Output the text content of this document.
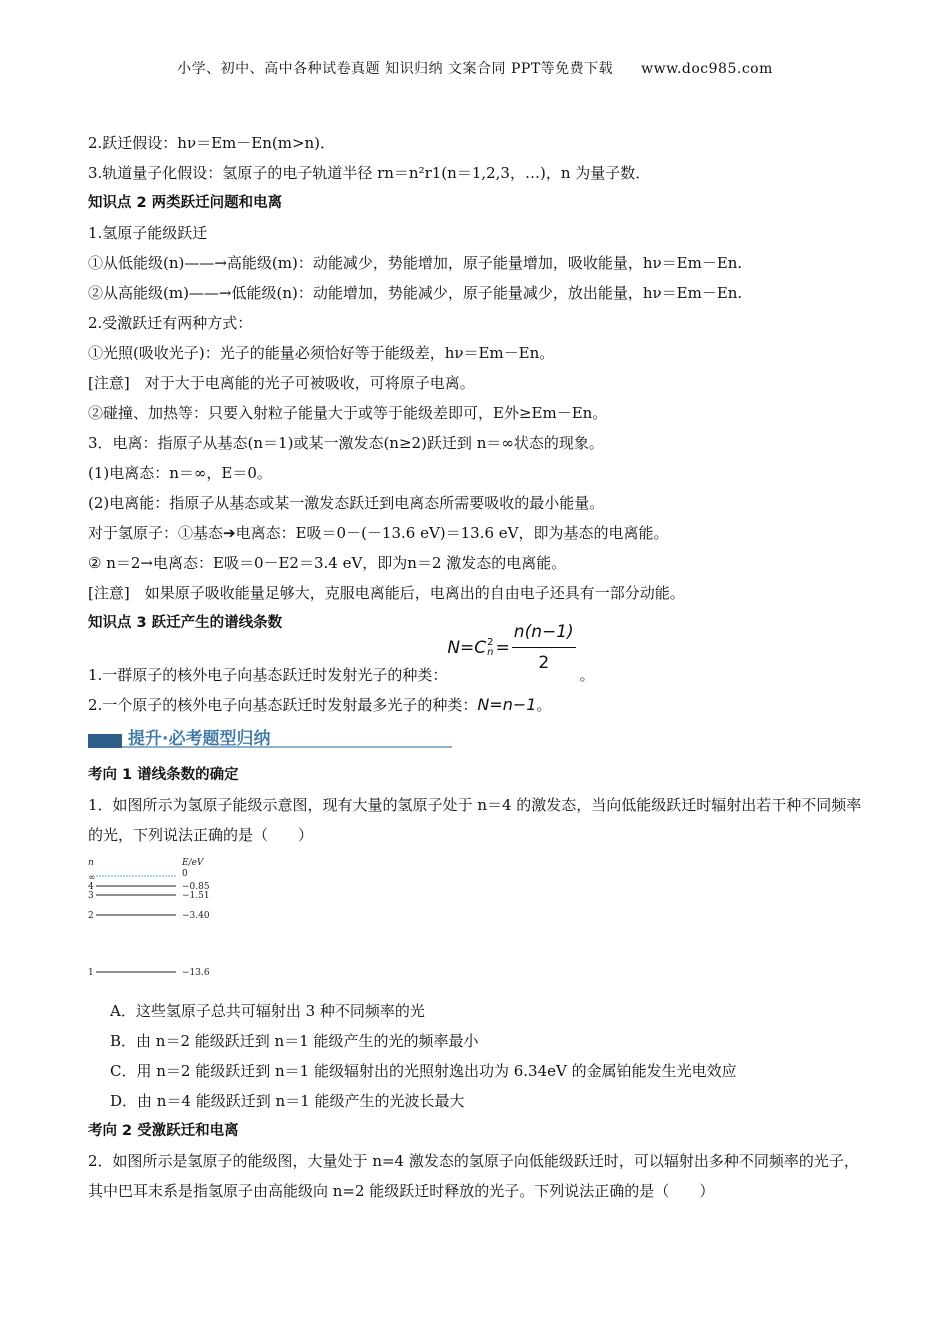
小学、初中、高中各种试卷真题 知识归纳 文案合同 PPT等免费下载 www.doc985.com
2.跃迁假设：hν＝Em－En(m>n)．
3.轨道量子化假设：氢原子的电子轨道半径 rn＝n²r1(n＝1,2,3，…)，n 为量子数．
知识点 2 两类跃迁问题和电离
1.氢原子能级跃迁
①从低能级(n)——→高能级(m)：动能减少，势能增加，原子能量增加，吸收能量，hν＝Em－En.
②从高能级(m)——→低能级(n)：动能增加，势能减少，原子能量减少，放出能量，hν＝Em－En.
2.受激跃迁有两种方式：
①光照(吸收光子)：光子的能量必须恰好等于能级差，hν＝Em－En。
[注意]　对于大于电离能的光子可被吸收，可将原子电离。
②碰撞、加热等：只要入射粒子能量大于或等于能级差即可，E外≥Em－En。
3．电离：指原子从基态(n＝1)或某一激发态(n≥2)跃迁到 n＝∞状态的现象。
(1)电离态：n＝∞，E＝0。
(2)电离能：指原子从基态或某一激发态跃迁到电离态所需要吸收的最小能量。
对于氢原子：①基态➔电离态：E吸＝0－(－13.6 eV)＝13.6 eV，即为基态的电离能。
② n＝2→电离态：E吸＝0－E2＝3.4 eV，即为n＝2 激发态的电离能。
[注意]　如果原子吸收能量足够大，克服电离能后，电离出的自由电子还具有一部分动能。
知识点 3 跃迁产生的谱线条数
1.一群原子的核外电子向基态跃迁时发射光子的种类：
N=C 2
$n = \frac{n(n-1)}{2}$ 。
2.一个原子的核外电子向基态跃迁时发射最多光子的种类：N=n−1。
提升·必考题型归纳
考向 1 谱线条数的确定
1．如图所示为氢原子能级示意图，现有大量的氢原子处于 n＝4 的激发态，当向低能级跃迁时辐射出若干种不同频率的光，下列说法正确的是（　　）
n	E/eV
∞	0
4	−0.85
3	−1.51
2	−3.40
1	−13.6
A．这些氢原子总共可辐射出 3 种不同频率的光
B．由 n＝2 能级跃迁到 n＝1 能级产生的光的频率最小
C．用 n＝2 能级跃迁到 n＝1 能级辐射出的光照射逸出功为 6.34eV 的金属铂能发生光电效应
D．由 n＝4 能级跃迁到 n＝1 能级产生的光波长最大
考向 2 受激跃迁和电离
2．如图所示是氢原子的能级图，大量处于 n=4 激发态的氢原子向低能级跃迁时，可以辐射出多种不同频率的光子，其中巴耳末系是指氢原子由高能级向 n=2 能级跃迁时释放的光子。下列说法正确的是（　　）
